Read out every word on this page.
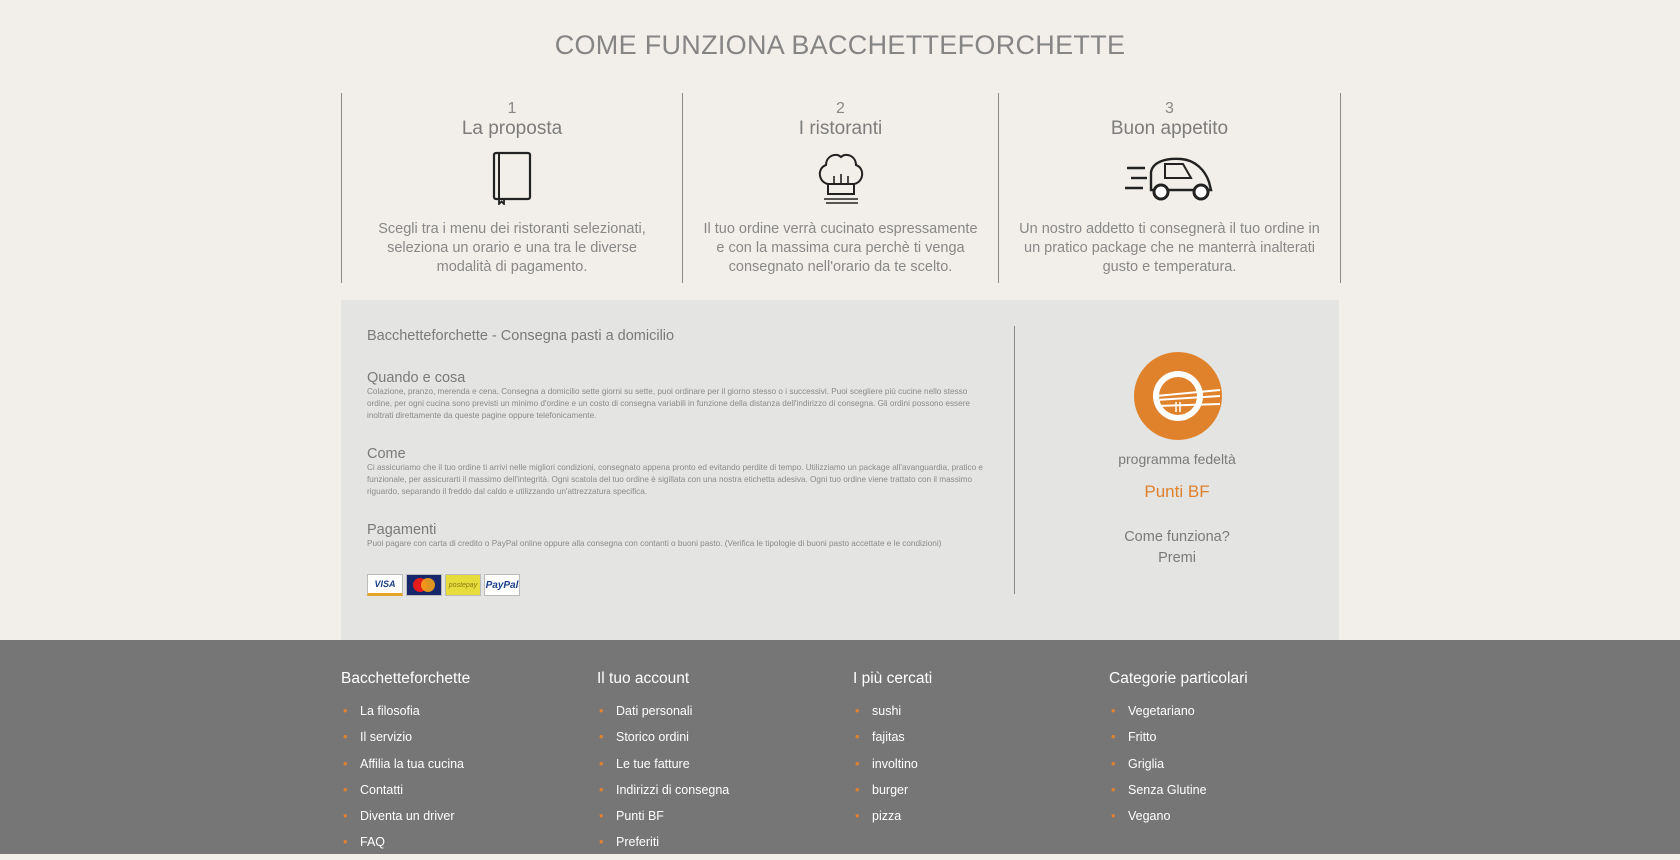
COME FUNZIONA BACCHETTEFORCHETTE
1
La proposta
Scegli tra i menu dei ristoranti selezionati, seleziona un orario e una tra le diverse modalità di pagamento.
2
I ristoranti
Il tuo ordine verrà cucinato espressamente e con la massima cura perchè ti venga consegnato nell'orario da te scelto.
3
Buon appetito
Un nostro addetto ti consegnerà il tuo ordine in un pratico package che ne manterrà inalterati gusto e temperatura.
Bacchetteforchette - Consegna pasti a domicilio
Quando e cosa
Colazione, pranzo, merenda e cena. Consegna a domicilio sette giorni su sette, puoi ordinare per il giorno stesso o i successivi. Puoi scegliere più cucine nello stesso ordine, per ogni cucina sono previsti un minimo d'ordine e un costo di consegna variabili in funzione della distanza dell'indirizzo di consegna. Gli ordini possono essere inoltrati direttamente da queste pagine oppure telefonicamente.
Come
Ci assicuriamo che il tuo ordine ti arrivi nelle migliori condizioni, consegnato appena pronto ed evitando perdite di tempo. Utilizziamo un package all'avanguardia, pratico e funzionale, per assicurarti il massimo dell'integrità. Ogni scatola del tuo ordine è sigillata con una nostra etichetta adesiva. Ogni tuo ordine viene trattato con il massimo riguardo, separando il freddo dal caldo e utilizzando un'attrezzatura specifica.
Pagamenti
Puoi pagare con carta di credito o PayPal online oppure alla consegna con contanti o buoni pasto. (Verifica le tipologie di buoni pasto accettate e le condizioni)
VISA	postepay PayPal
programma fedeltà
Punti BF
Come funziona?
Premi
Bacchetteforchette
• La filosofia
• Il servizio
• Affilia la tua cucina
• Contatti
• Diventa un driver
• FAQ
Il tuo account
• Dati personali
• Storico ordini
• Le tue fatture
• Indirizzi di consegna
• Punti BF
• Preferiti
I più cercati
• sushi
• fajitas
• involtino
• burger
• pizza
Categorie particolari
• Vegetariano
• Fritto
• Griglia
• Senza Glutine
• Vegano
